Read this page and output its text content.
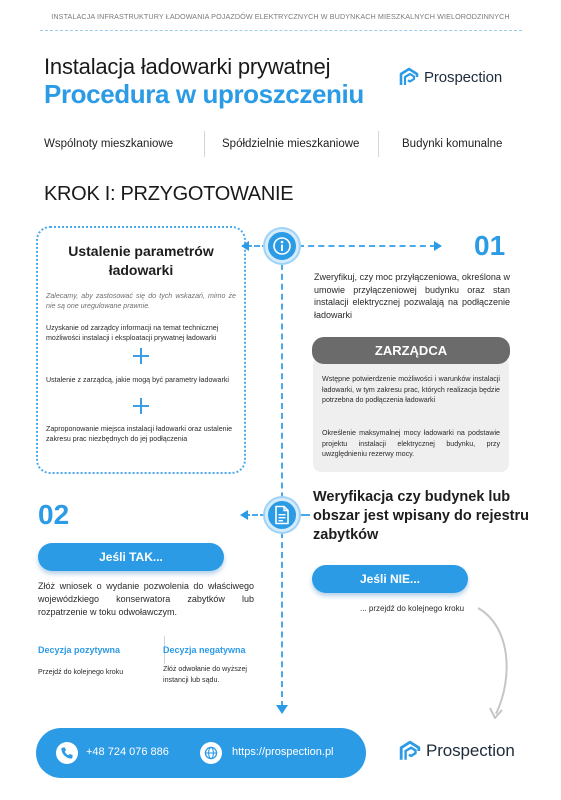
INSTALACJA INFRASTRUKTURY ŁADOWANIA POJAZDÓW ELEKTRYCZNYCH W BUDYNKACH MIESZKALNYCH WIELORODZINNYCH
Instalacja ładowarki prywatnej
Procedura w uproszczeniu
Prospection
Wspólnoty mieszkaniowe	Spółdzielnie mieszkaniowe	Budynki komunalne
KROK I: PRZYGOTOWANIE
Ustalenie parametrów ładowarki
Zalecamy, aby zastosować się do tych wskazań, mimo że nie są one uregulowane prawnie.
Uzyskanie od zarządcy informacji na temat technicznej możliwości instalacji i eksploatacji prywatnej ładowarki
Ustalenie z zarządcą, jakie mogą być parametry ładowarki
Zaproponowanie miejsca instalacji ładowarki oraz ustalenie zakresu prac niezbędnych do jej podłączenia
01
Zweryfikuj, czy moc przyłączeniowa, określona w umowie przyłączeniowej budynku oraz stan instalacji elektrycznej pozwalają na podłączenie ładowarki
ZARZĄDCA
Wstępne potwierdzenie możliwości i warunków instalacji ładowarki, w tym zakresu prac, których realizacja będzie potrzebna do podłączenia ładowarki
Określenie maksymalnej mocy ładowarki na podstawie projektu instalacji elektrycznej budynku, przy uwzględnieniu rezerwy mocy.
02
Weryfikacja czy budynek lub obszar jest wpisany do rejestru zabytków
Jeśli TAK...
Złóż wniosek o wydanie pozwolenia do właściwego wojewódzkiego konserwatora zabytków lub rozpatrzenie w toku odwoławczym.
Decyzja pozytywna
Przejdź do kolejnego kroku
Decyzja negatywna
Złóż odwołanie do wyższej instancji lub sądu.
Jeśli NIE...
... przejdź do kolejnego kroku
+48 724 076 886	https://prospection.pl	Prospection
